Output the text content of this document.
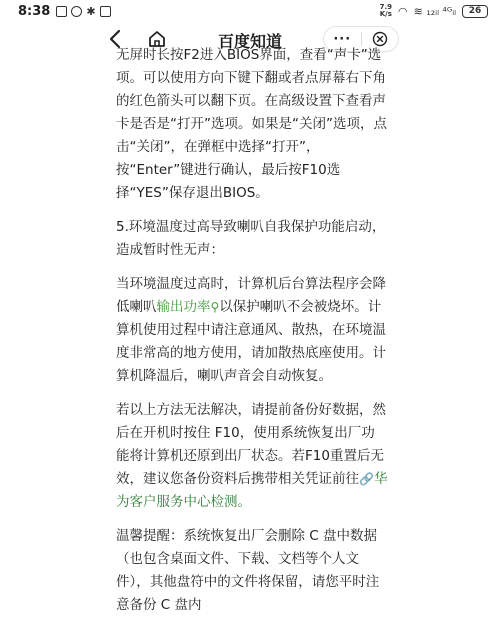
8:38	✱	7.9
K/s ◠ ≋ ₁₂ᵢₗ ⁴ᴳᵢₗ	26
百度知道	···

无屏时长按F2进入BIOS界面，查看“声卡”选项。可以使用方向下键下翻或者点屏幕右下角的红色箭头可以翻下页。在高级设置下查看声卡是否是“打开”选项。如果是“关闭”选项，点击“关闭”，在弹框中选择“打开”，按“Enter”键进行确认，最后按F10选择“YES”保存退出BIOS。

5.环境温度过高导致喇叭自我保护功能启动，造成暂时性无声：

当环境温度过高时，计算机后台算法程序会降低喇叭输出功率⚲以保护喇叭不会被烧坏。计算机使用过程中请注意通风、散热，在环境温度非常高的地方使用，请加散热底座使用。计算机降温后，喇叭声音会自动恢复。

若以上方法无法解决，请提前备份好数据，然后在开机时按住 F10，使用系统恢复出厂功能将计算机还原到出厂状态。若F10重置后无效，建议您备份资料后携带相关凭证前往🔗华为客户服务中心检测。

温馨提醒：系统恢复出厂会删除 C 盘中数据（也包含桌面文件、下载、文档等个人文件），其他盘符中的文件将保留，请您平时注意备份 C 盘内
